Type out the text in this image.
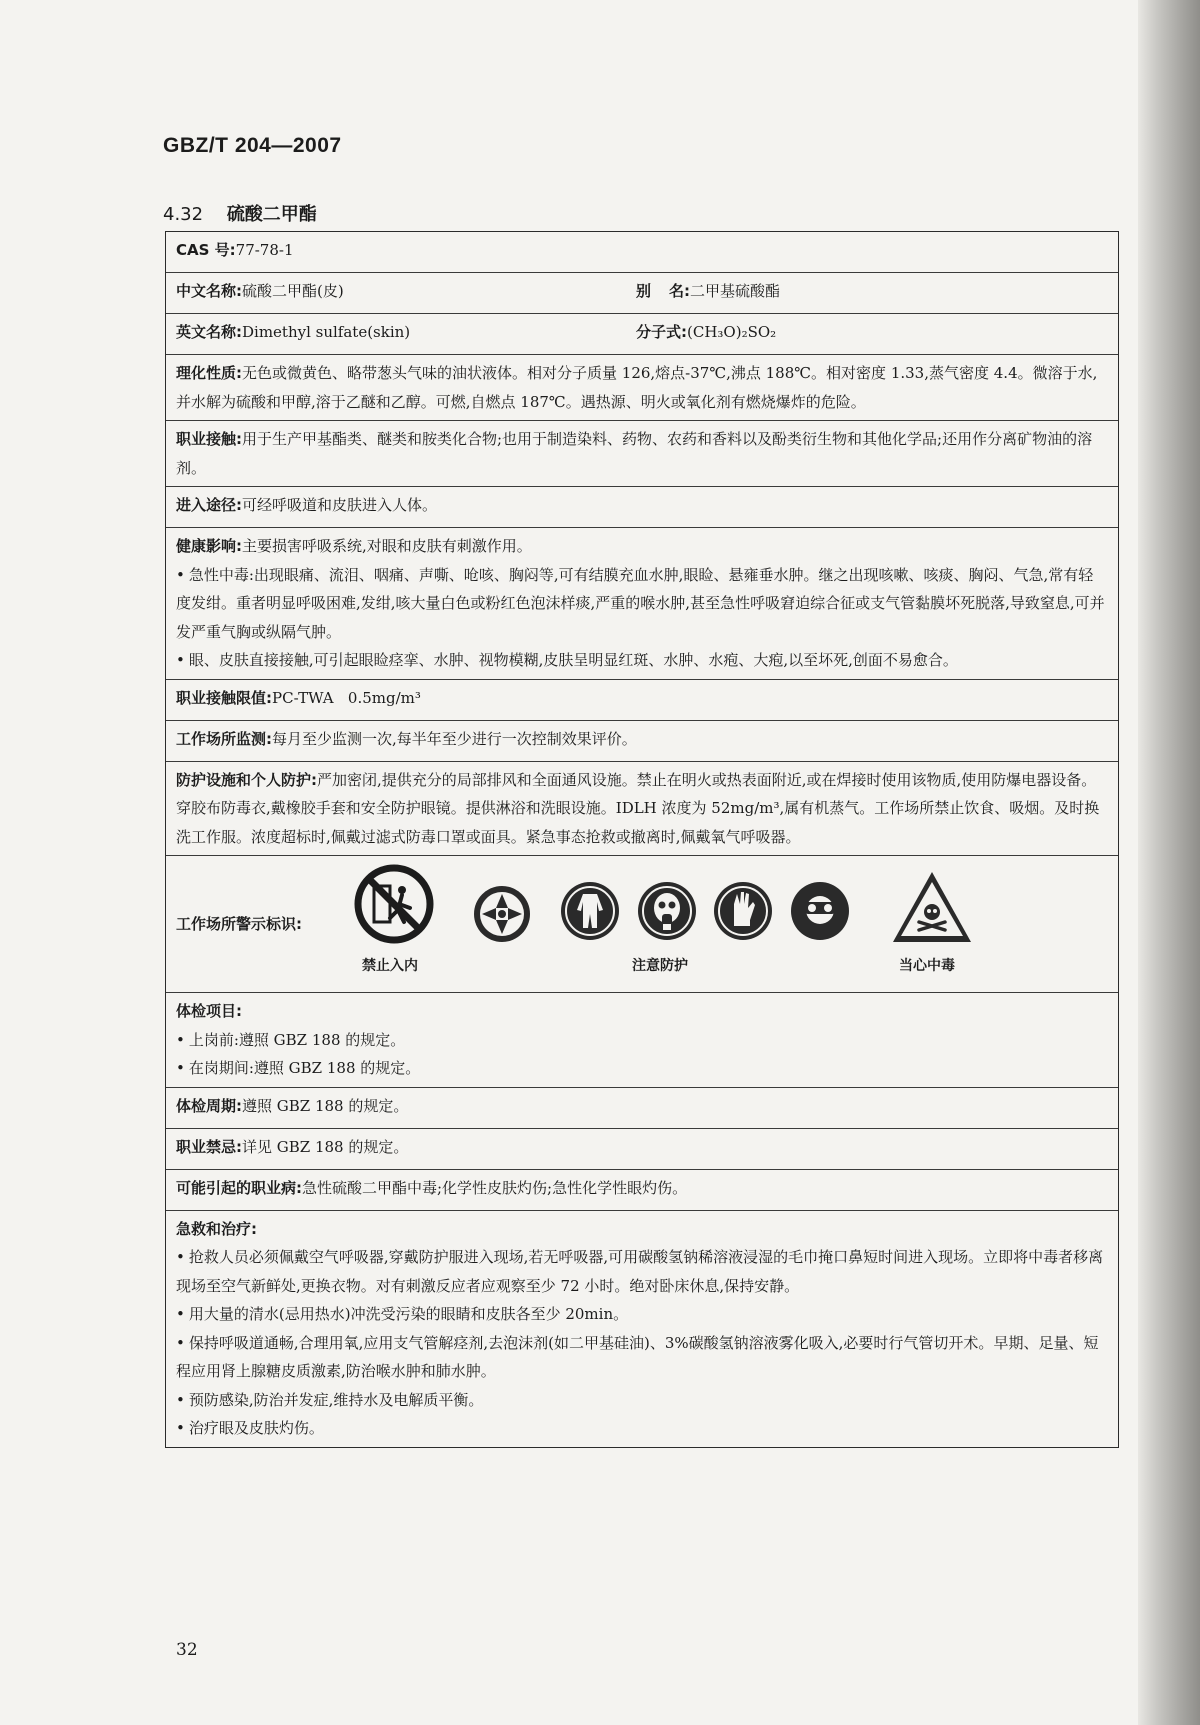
GBZ/T 204—2007
4.32 硫酸二甲酯
CAS 号:77-78-1
中文名称:硫酸二甲酯(皮)	别 名:二甲基硫酸酯
英文名称:Dimethyl sulfate(skin)	分子式:(CH₃O)₂SO₂
理化性质:无色或微黄色、略带葱头气味的油状液体。相对分子质量 126,熔点-37℃,沸点 188℃。相对密度 1.33,蒸气密度 4.4。微溶于水,并水解为硫酸和甲醇,溶于乙醚和乙醇。可燃,自燃点 187℃。遇热源、明火或氧化剂有燃烧爆炸的危险。
职业接触:用于生产甲基酯类、醚类和胺类化合物;也用于制造染料、药物、农药和香料以及酚类衍生物和其他化学品;还用作分离矿物油的溶剂。
进入途径:可经呼吸道和皮肤进入人体。
健康影响:主要损害呼吸系统,对眼和皮肤有刺激作用。
• 急性中毒:出现眼痛、流泪、咽痛、声嘶、呛咳、胸闷等,可有结膜充血水肿,眼睑、悬雍垂水肿。继之出现咳嗽、咳痰、胸闷、气急,常有轻度发绀。重者明显呼吸困难,发绀,咳大量白色或粉红色泡沫样痰,严重的喉水肿,甚至急性呼吸窘迫综合征或支气管黏膜坏死脱落,导致窒息,可并发严重气胸或纵隔气肿。
• 眼、皮肤直接接触,可引起眼睑痉挛、水肿、视物模糊,皮肤呈明显红斑、水肿、水疱、大疱,以至坏死,创面不易愈合。
职业接触限值:PC-TWA   0.5mg/m³
工作场所监测:每月至少监测一次,每半年至少进行一次控制效果评价。
防护设施和个人防护:严加密闭,提供充分的局部排风和全面通风设施。禁止在明火或热表面附近,或在焊接时使用该物质,使用防爆电器设备。穿胶布防毒衣,戴橡胶手套和安全防护眼镜。提供淋浴和洗眼设施。IDLH 浓度为 52mg/m³,属有机蒸气。工作场所禁止饮食、吸烟。及时换洗工作服。浓度超标时,佩戴过滤式防毒口罩或面具。紧急事态抢救或撤离时,佩戴氧气呼吸器。
工作场所警示标识:
禁止入内	注意防护	当心中毒
体检项目:
• 上岗前:遵照 GBZ 188 的规定。
• 在岗期间:遵照 GBZ 188 的规定。
体检周期:遵照 GBZ 188 的规定。
职业禁忌:详见 GBZ 188 的规定。
可能引起的职业病:急性硫酸二甲酯中毒;化学性皮肤灼伤;急性化学性眼灼伤。
急救和治疗:
• 抢救人员必须佩戴空气呼吸器,穿戴防护服进入现场,若无呼吸器,可用碳酸氢钠稀溶液浸湿的毛巾掩口鼻短时间进入现场。立即将中毒者移离现场至空气新鲜处,更换衣物。对有刺激反应者应观察至少 72 小时。绝对卧床休息,保持安静。
• 用大量的清水(忌用热水)冲洗受污染的眼睛和皮肤各至少 20min。
• 保持呼吸道通畅,合理用氧,应用支气管解痉剂,去泡沫剂(如二甲基硅油)、3%碳酸氢钠溶液雾化吸入,必要时行气管切开术。早期、足量、短程应用肾上腺糖皮质激素,防治喉水肿和肺水肿。
• 预防感染,防治并发症,维持水及电解质平衡。
• 治疗眼及皮肤灼伤。
32
